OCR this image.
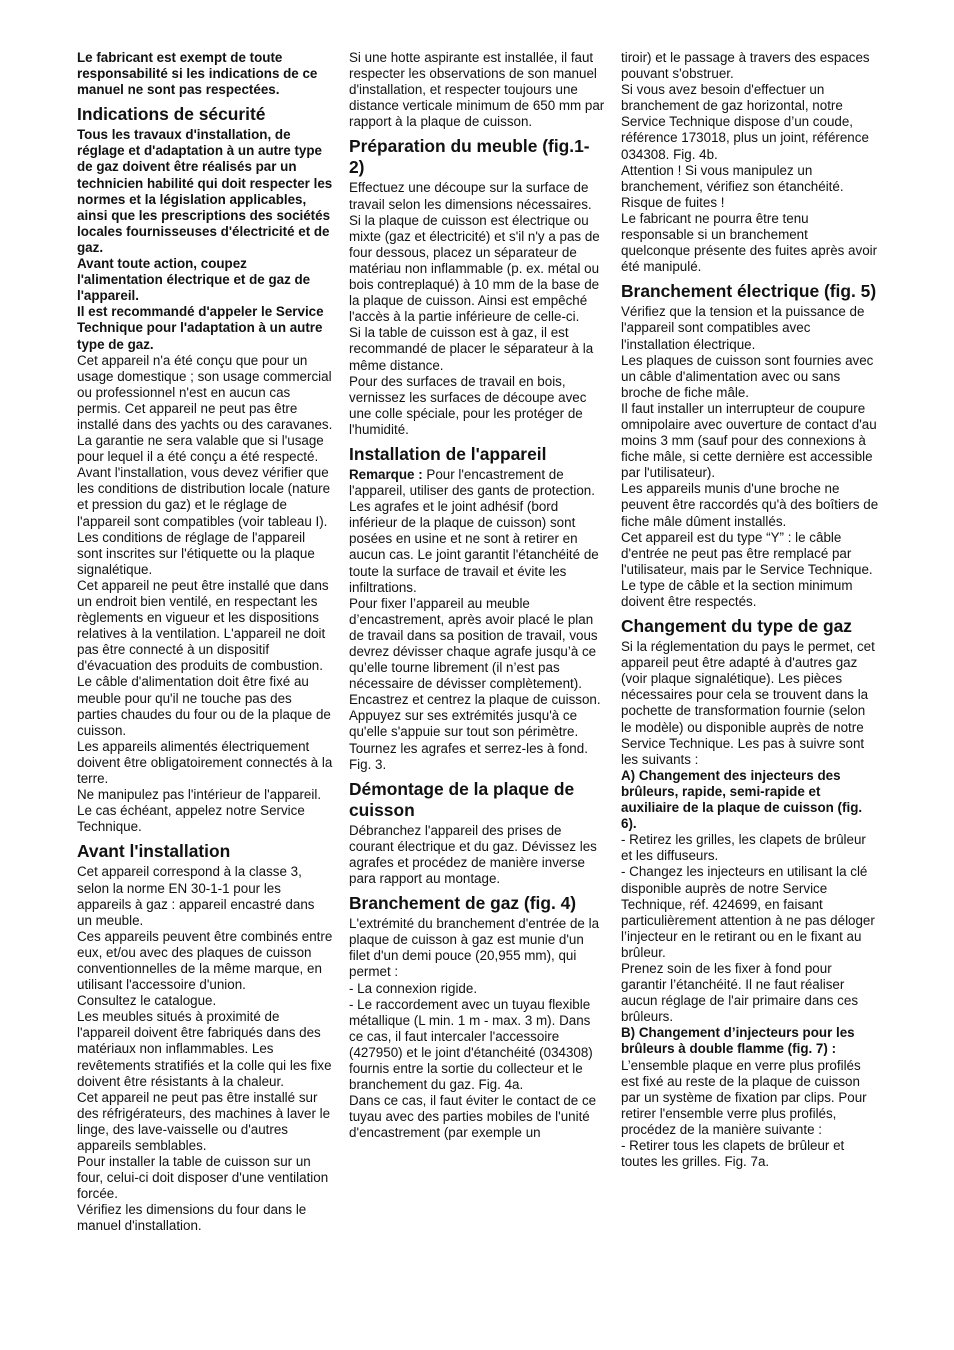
Le fabricant est exempt de toute responsabilité si les indications de ce manuel ne sont pas respectées.

Indications de sécurité

Tous les travaux d'installation, de réglage et d'adaptation à un autre type de gaz doivent être réalisés par un technicien habilité qui doit respecter les normes et la législation applicables, ainsi que les prescriptions des sociétés locales fournisseuses d'électricité et de gaz.

Avant toute action, coupez l'alimentation électrique et de gaz de l'appareil.

Il est recommandé d'appeler le Service Technique pour l'adaptation à un autre type de gaz.

Cet appareil n'a été conçu que pour un usage domestique ; son usage commercial ou professionnel n'est en aucun cas permis. Cet appareil ne peut pas être installé dans des yachts ou des caravanes. La garantie ne sera valable que si l'usage pour lequel il a été conçu a été respecté.

Avant l'installation, vous devez vérifier que les conditions de distribution locale (nature et pression du gaz) et le réglage de l'appareil sont compatibles (voir tableau I). Les conditions de réglage de l'appareil sont inscrites sur l'étiquette ou la plaque signalétique.

Cet appareil ne peut être installé que dans un endroit bien ventilé, en respectant les règlements en vigueur et les dispositions relatives à la ventilation. L'appareil ne doit pas être connecté à un dispositif d'évacuation des produits de combustion.

Le câble d'alimentation doit être fixé au meuble pour qu'il ne touche pas des parties chaudes du four ou de la plaque de cuisson.

Les appareils alimentés électriquement doivent être obligatoirement connectés à la terre.

Ne manipulez pas l'intérieur de l'appareil. Le cas échéant, appelez notre Service Technique.

Avant l'installation

Cet appareil correspond à la classe 3, selon la norme EN 30-1-1 pour les appareils à gaz : appareil encastré dans un meuble.

Ces appareils peuvent être combinés entre eux, et/ou avec des plaques de cuisson conventionnelles de la même marque, en utilisant l'accessoire d'union.

Consultez le catalogue.

Les meubles situés à proximité de l'appareil doivent être fabriqués dans des matériaux non inflammables. Les revêtements stratifiés et la colle qui les fixe doivent être résistants à la chaleur.

Cet appareil ne peut pas être installé sur des réfrigérateurs, des machines à laver le linge, des lave-vaisselle ou d'autres appareils semblables.

Pour installer la table de cuisson sur un four, celui-ci doit disposer d'une ventilation forcée.

Vérifiez les dimensions du four dans le manuel d'installation.

Si une hotte aspirante est installée, il faut respecter les observations de son manuel d'installation, et respecter toujours une distance verticale minimum de 650 mm par rapport à la plaque de cuisson.

Préparation du meuble (fig.1-2)

Effectuez une découpe sur la surface de travail selon les dimensions nécessaires.

Si la plaque de cuisson est électrique ou mixte (gaz et électricité) et s'il n'y a pas de four dessous, placez un séparateur de matériau non inflammable (p. ex. métal ou bois contreplaqué) à 10 mm de la base de la plaque de cuisson. Ainsi est empêché l'accès à la partie inférieure de celle-ci.

Si la table de cuisson est à gaz, il est recommandé de placer le séparateur à la même distance.

Pour des surfaces de travail en bois, vernissez les surfaces de découpe avec une colle spéciale, pour les protéger de l'humidité.

Installation de l'appareil

Remarque : Pour l'encastrement de l'appareil, utiliser des gants de protection.

Les agrafes et le joint adhésif (bord inférieur de la plaque de cuisson) sont posées en usine et ne sont à retirer en aucun cas. Le joint garantit l'étanchéité de toute la surface de travail et évite les infiltrations.

Pour fixer l’appareil au meuble d’encastrement, après avoir placé le plan de travail dans sa position de travail, vous devrez dévisser chaque agrafe jusqu’à ce qu’elle tourne librement (il n’est pas nécessaire de dévisser complètement).

Encastrez et centrez la plaque de cuisson.

Appuyez sur ses extrémités jusqu'à ce qu'elle s'appuie sur tout son périmètre. Tournez les agrafes et serrez-les à fond. Fig. 3.

Démontage de la plaque de cuisson

Débranchez l'appareil des prises de courant électrique et du gaz. Dévissez les agrafes et procédez de manière inverse para rapport au montage.

Branchement de gaz (fig. 4)

L'extrémité du branchement d'entrée de la plaque de cuisson à gaz est munie d'un filet d'un demi pouce (20,955 mm), qui permet :

- La connexion rigide.

- Le raccordement avec un tuyau flexible métallique (L min. 1 m - max. 3 m). Dans ce cas, il faut intercaler l'accessoire (427950) et le joint d'étanchéité (034308) fournis entre la sortie du collecteur et le branchement du gaz. Fig. 4a.

Dans ce cas, il faut éviter le contact de ce tuyau avec des parties mobiles de l'unité d'encastrement (par exemple un

tiroir) et le passage à travers des espaces pouvant s'obstruer.

Si vous avez besoin d'effectuer un branchement de gaz horizontal, notre Service Technique dispose d’un coude, référence 173018, plus un joint, référence 034308. Fig. 4b.

Attention ! Si vous manipulez un branchement, vérifiez son étanchéité. Risque de fuites !

Le fabricant ne pourra être tenu responsable si un branchement quelconque présente des fuites après avoir été manipulé.

Branchement électrique (fig. 5)

Vérifiez que la tension et la puissance de l'appareil sont compatibles avec l'installation électrique.

Les plaques de cuisson sont fournies avec un câble d'alimentation avec ou sans broche de fiche mâle.

Il faut installer un interrupteur de coupure omnipolaire avec ouverture de contact d'au moins 3 mm (sauf pour des connexions à fiche mâle, si cette dernière est accessible par l'utilisateur).

Les appareils munis d'une broche ne peuvent être raccordés qu'à des boîtiers de fiche mâle dûment installés.

Cet appareil est du type “Y” : le câble d'entrée ne peut pas être remplacé par l'utilisateur, mais par le Service Technique. Le type de câble et la section minimum doivent être respectés.

Changement du type de gaz

Si la réglementation du pays le permet, cet appareil peut être adapté à d'autres gaz (voir plaque signalétique). Les pièces nécessaires pour cela se trouvent dans la pochette de transformation fournie (selon le modèle) ou disponible auprès de notre Service Technique. Les pas à suivre sont les suivants :

A) Changement des injecteurs des brûleurs, rapide, semi-rapide et auxiliaire de la plaque de cuisson (fig. 6).

- Retirez les grilles, les clapets de brûleur et les diffuseurs.

- Changez les injecteurs en utilisant la clé disponible auprès de notre Service Technique, réf. 424699, en faisant particulièrement attention à ne pas déloger l’injecteur en le retirant ou en le fixant au brûleur.

Prenez soin de les fixer à fond pour garantir l’étanchéité. Il ne faut réaliser aucun réglage de l'air primaire dans ces brûleurs.

B) Changement d’injecteurs pour les brûleurs à double flamme (fig. 7) :

L’ensemble plaque en verre plus profilés est fixé au reste de la plaque de cuisson par un système de fixation par clips. Pour retirer l'ensemble verre plus profilés, procédez de la manière suivante :

- Retirer tous les clapets de brûleur et toutes les grilles. Fig. 7a.
